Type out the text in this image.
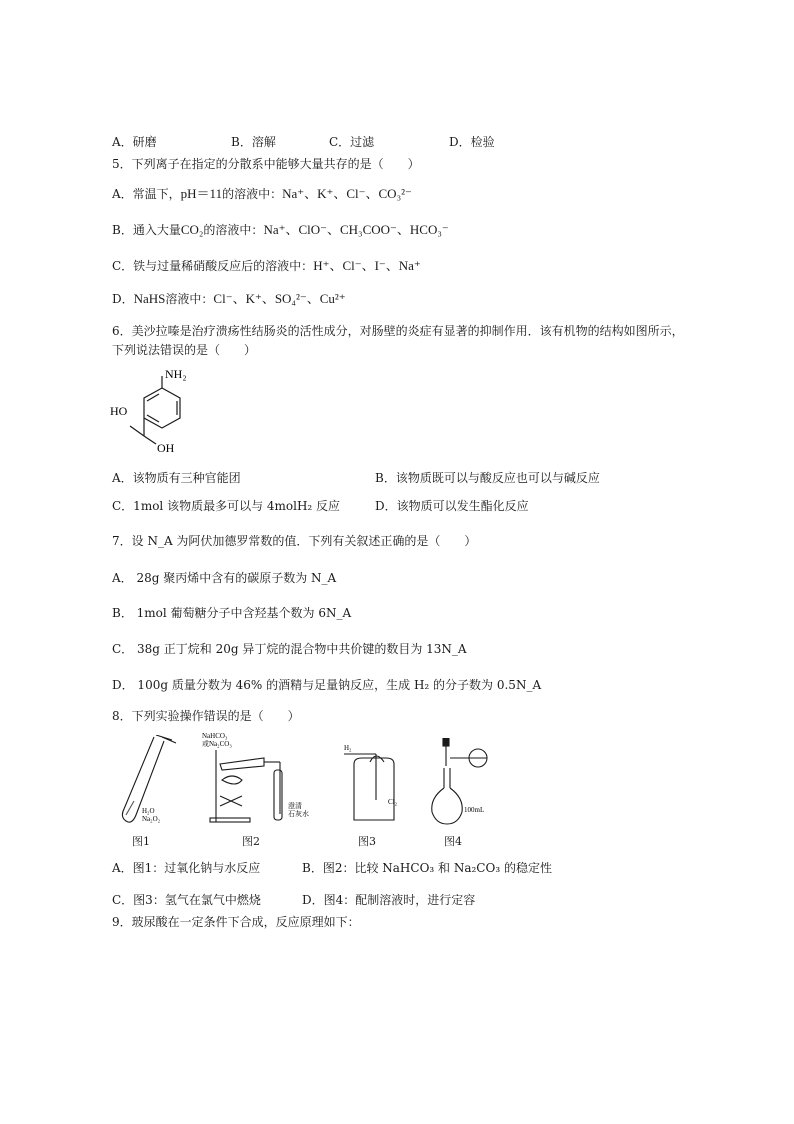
A．研磨	B．溶解	C．过滤	D．检验
5．下列离子在指定的分散系中能够大量共存的是（　　）
A．常温下，pH＝11的溶液中：Na⁺、K⁺、Cl⁻、CO₃²⁻
B．通入大量CO₂的溶液中：Na⁺、ClO⁻、CH₃COO⁻、HCO₃⁻
C．铁与过量稀硝酸反应后的溶液中：H⁺、Cl⁻、I⁻、Na⁺
D．NaHS溶液中：Cl⁻、K⁺、SO₄²⁻、Cu²⁺
6．美沙拉嗪是治疗溃疡性结肠炎的活性成分，对肠壁的炎症有显著的抑制作用．该有机物的结构如图所示，
下列说法错误的是（　　）
NH₂
HO
OH
A．该物质有三种官能团	B．该物质既可以与酸反应也可以与碱反应
C．1mol 该物质最多可以与 4molH₂ 反应	D．该物质可以发生酯化反应
7．设 N_A 为阿伏加德罗常数的值．下列有关叙述正确的是（　　）
A． 28g 聚丙烯中含有的碳原子数为 N_A
B． 1mol 葡萄糖分子中含羟基个数为 6N_A
C． 38g 正丁烷和 20g 异丁烷的混合物中共价键的数目为 13N_A
D． 100g 质量分数为 46% 的酒精与足量钠反应，生成 H₂ 的分子数为 0.5N_A
8．下列实验操作错误的是（　　）
H₂O
Na₂O₂
图1
NaHCO₃
或Na₂CO₃
澄清
石灰水
图2
H₂
Cl₂
图3
100mL
图4
A．图1：过氧化钠与水反应	B．图2：比较 NaHCO₃ 和 Na₂CO₃ 的稳定性
C．图3：氢气在氯气中燃烧	D．图4：配制溶液时，进行定容
9．玻尿酸在一定条件下合成，反应原理如下：
